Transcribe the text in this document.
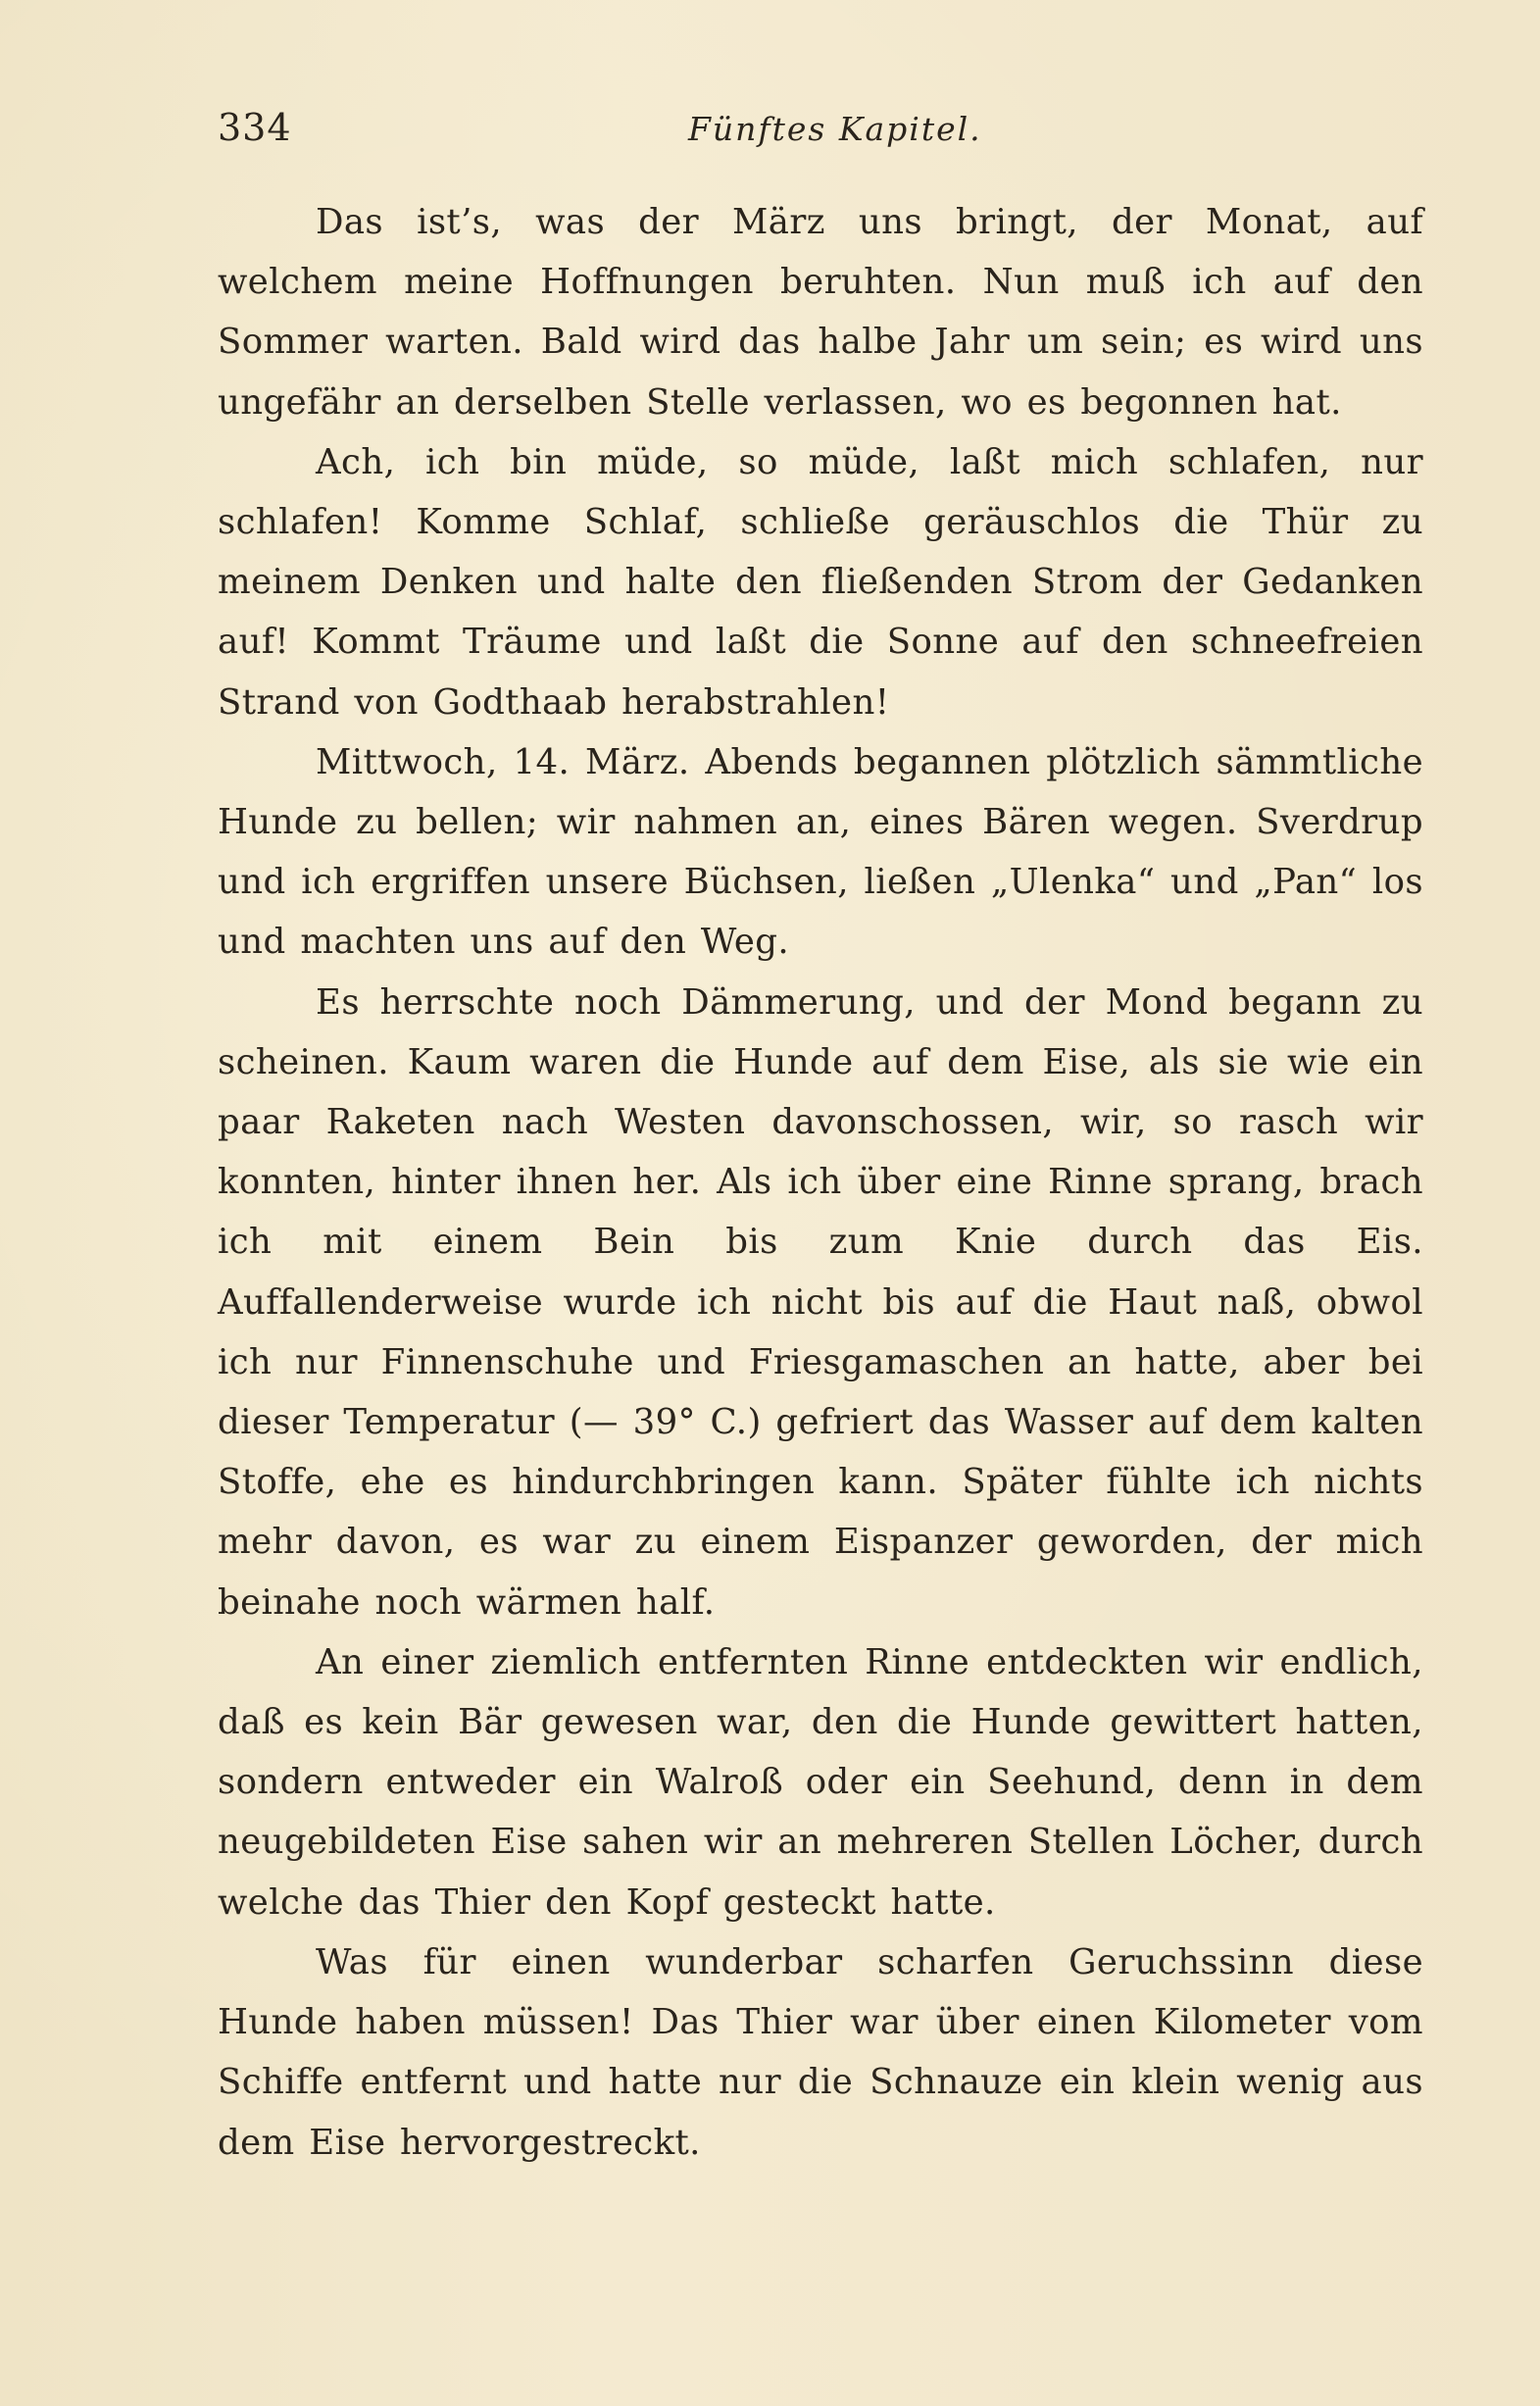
334	Fünftes Kapitel.

Das ist’s, was der März uns bringt, der Monat, auf welchem meine Hoffnungen beruhten. Nun muß ich auf den Sommer warten. Bald wird das halbe Jahr um sein; es wird uns ungefähr an derselben Stelle verlassen, wo es begonnen hat.

Ach, ich bin müde, so müde, laßt mich schlafen, nur schlafen! Komme Schlaf, schließe geräuschlos die Thür zu meinem Denken und halte den fließenden Strom der Gedanken auf! Kommt Träume und laßt die Sonne auf den schneefreien Strand von Godthaab herabstrahlen!

Mittwoch, 14. März. Abends begannen plötzlich sämmtliche Hunde zu bellen; wir nahmen an, eines Bären wegen. Sverdrup und ich ergriffen unsere Büchsen, ließen „Ulenka“ und „Pan“ los und machten uns auf den Weg.

Es herrschte noch Dämmerung, und der Mond begann zu scheinen. Kaum waren die Hunde auf dem Eise, als sie wie ein paar Raketen nach Westen davonschossen, wir, so rasch wir konnten, hinter ihnen her. Als ich über eine Rinne sprang, brach ich mit einem Bein bis zum Knie durch das Eis. Auffallenderweise wurde ich nicht bis auf die Haut naß, obwol ich nur Finnenschuhe und Friesgamaschen an hatte, aber bei dieser Temperatur (— 39° C.) gefriert das Wasser auf dem kalten Stoffe, ehe es hindurchbringen kann. Später fühlte ich nichts mehr davon, es war zu einem Eispanzer geworden, der mich beinahe noch wärmen half.

An einer ziemlich entfernten Rinne entdeckten wir endlich, daß es kein Bär gewesen war, den die Hunde gewittert hatten, sondern entweder ein Walroß oder ein Seehund, denn in dem neugebildeten Eise sahen wir an mehreren Stellen Löcher, durch welche das Thier den Kopf gesteckt hatte.

Was für einen wunderbar scharfen Geruchssinn diese Hunde haben müssen! Das Thier war über einen Kilometer vom Schiffe entfernt und hatte nur die Schnauze ein klein wenig aus dem Eise hervorgestreckt.
